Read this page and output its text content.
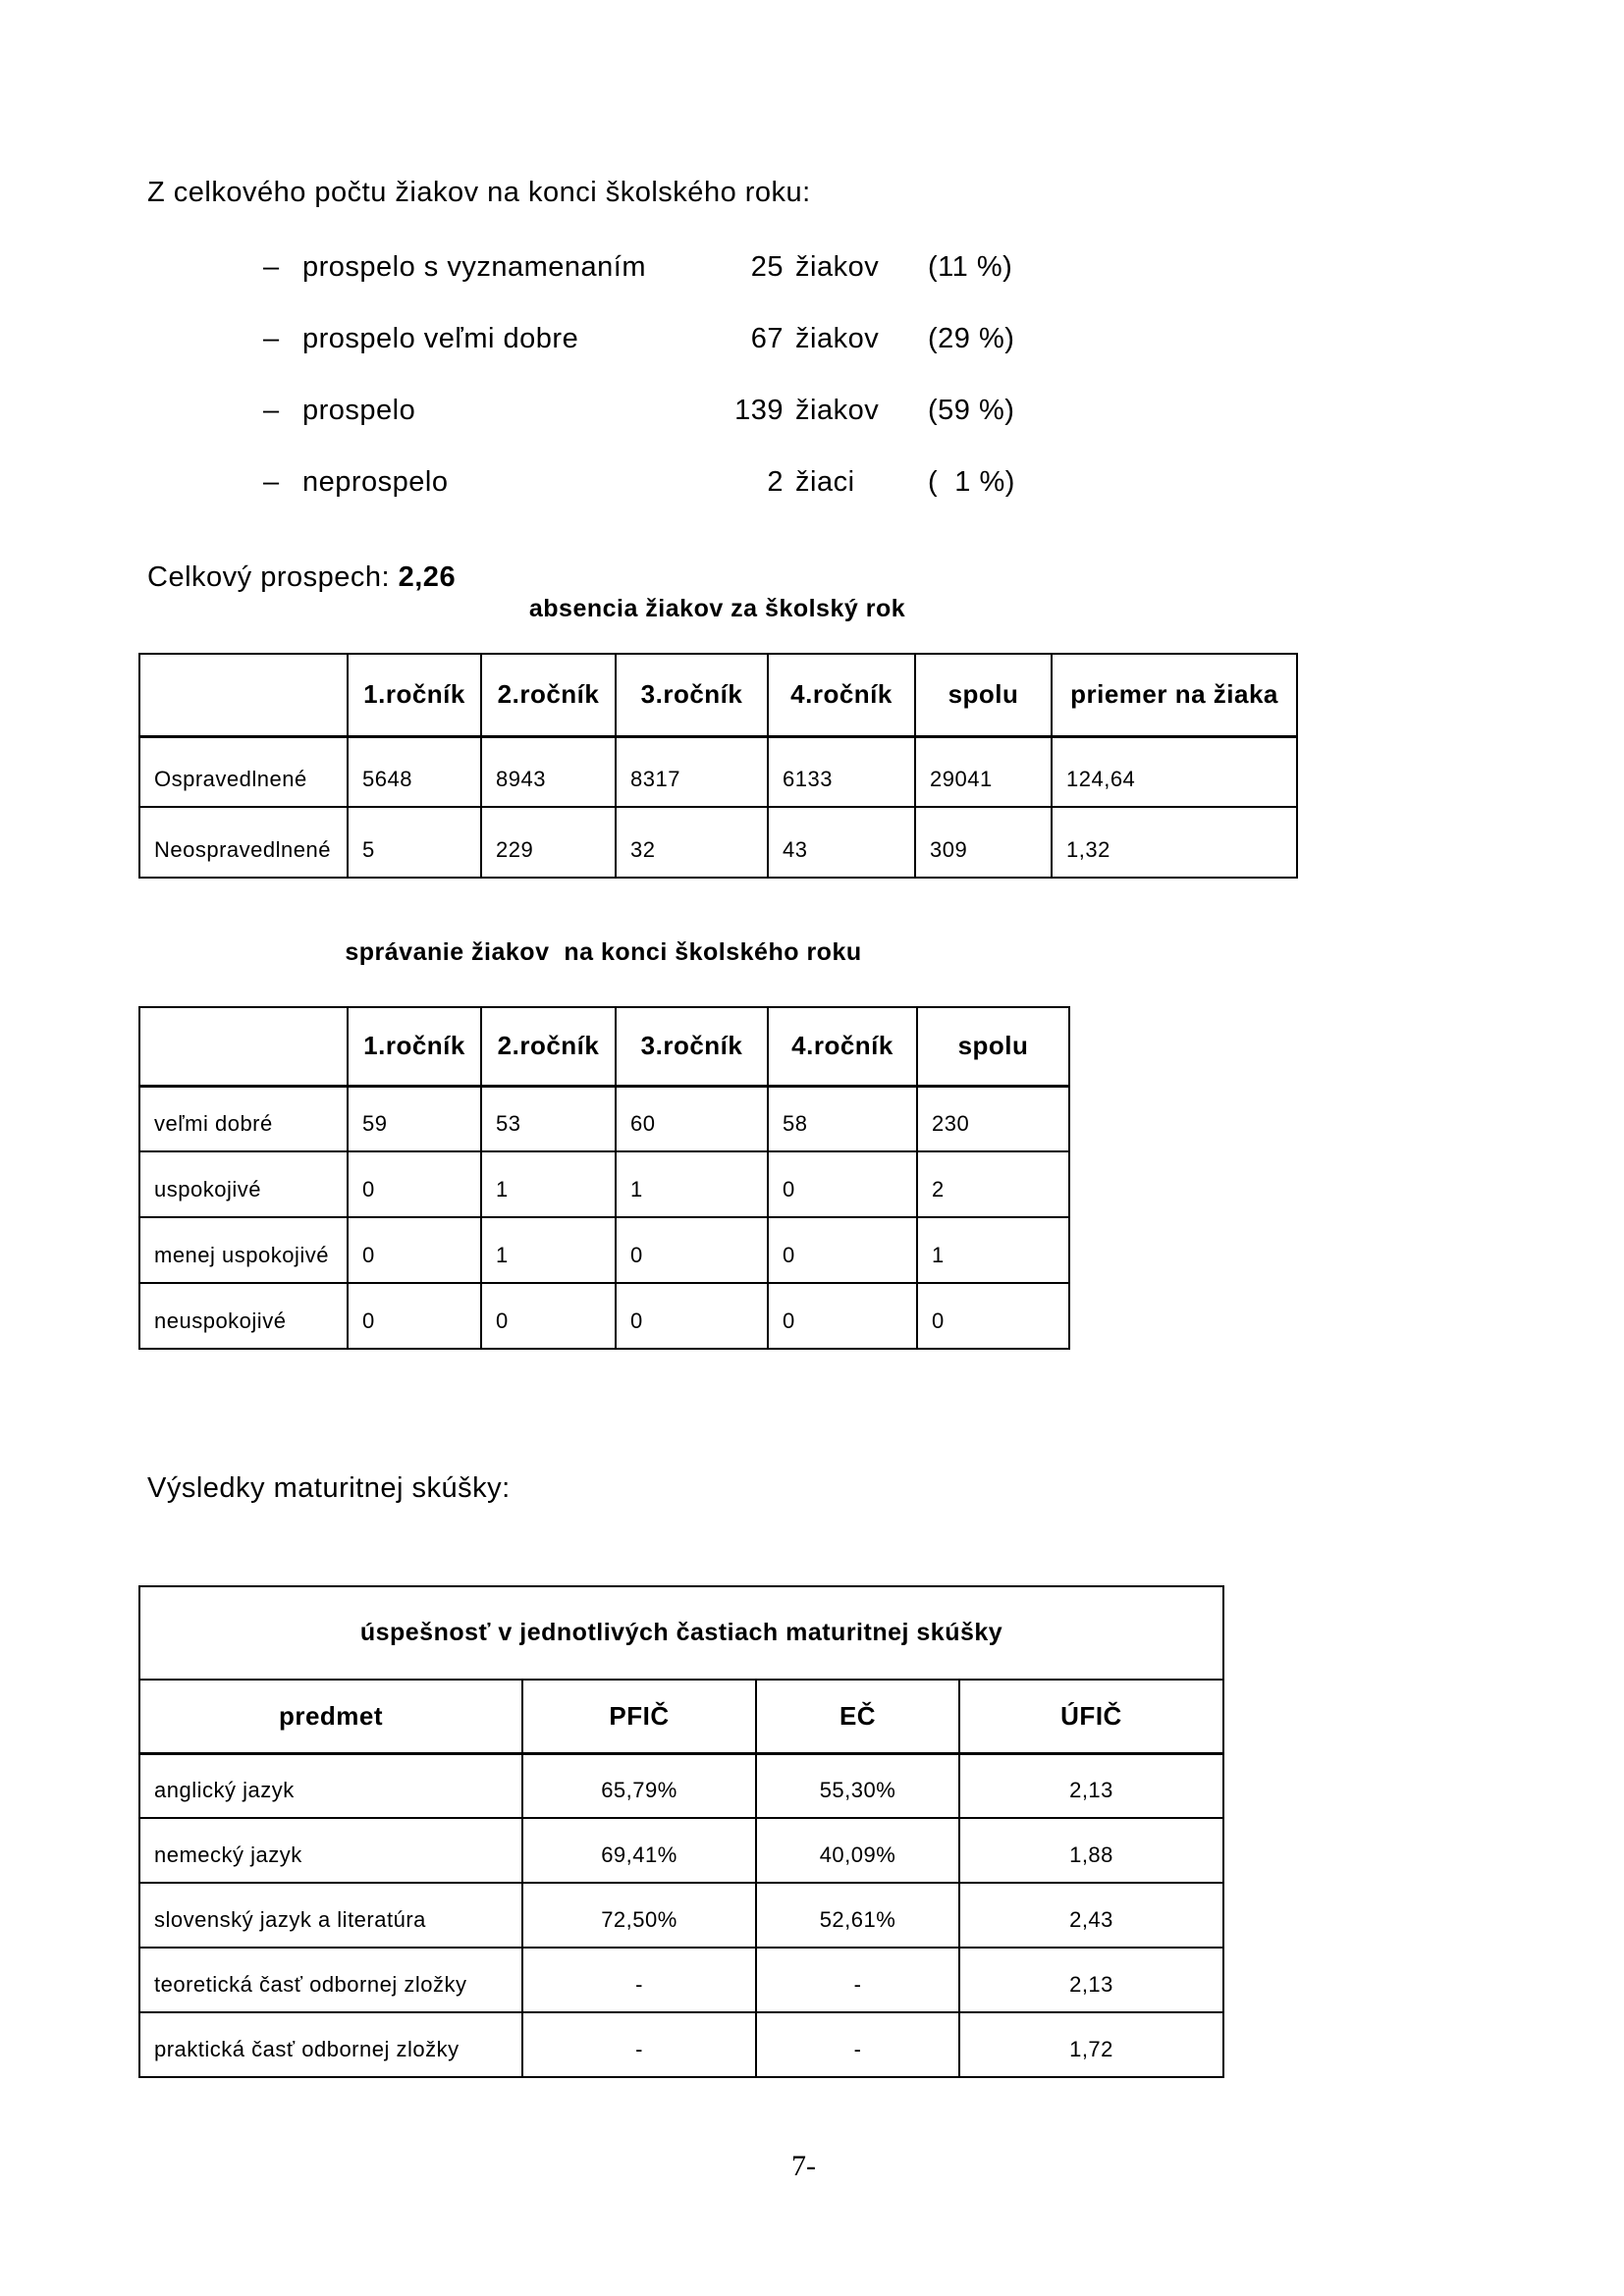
Z celkového počtu žiakov na konci školského roku:
– prospelo s vyznamenaním	25 žiakov	(11 %)
– prospelo veľmi dobre	67 žiakov	(29 %)
– prospelo	139 žiakov	(59 %)
– neprospelo	2 žiaci	(  1 %)
Celkový prospech: 2,26
absencia žiakov za školský rok
	1.ročník	2.ročník	3.ročník	4.ročník	spolu	priemer na žiaka
Ospravedlnené	5648	8943	8317	6133	29041	124,64
Neospravedlnené	5	229	32	43	309	1,32
správanie žiakov  na konci školského roku
	1.ročník	2.ročník	3.ročník	4.ročník	spolu
veľmi dobré	59	53	60	58	230
uspokojivé	0	1	1	0	2
menej uspokojivé	0	1	0	0	1
neuspokojivé	0	0	0	0	0
Výsledky maturitnej skúšky:
úspešnosť v jednotlivých častiach maturitnej skúšky			
predmet	PFIČ	EČ	ÚFIČ
anglický jazyk	65,79%	55,30%	2,13
nemecký jazyk	69,41%	40,09%	1,88
slovenský jazyk a literatúra	72,50%	52,61%	2,43
teoretická časť odbornej zložky	-	-	2,13
praktická časť odbornej zložky	-	-	1,72
7-
